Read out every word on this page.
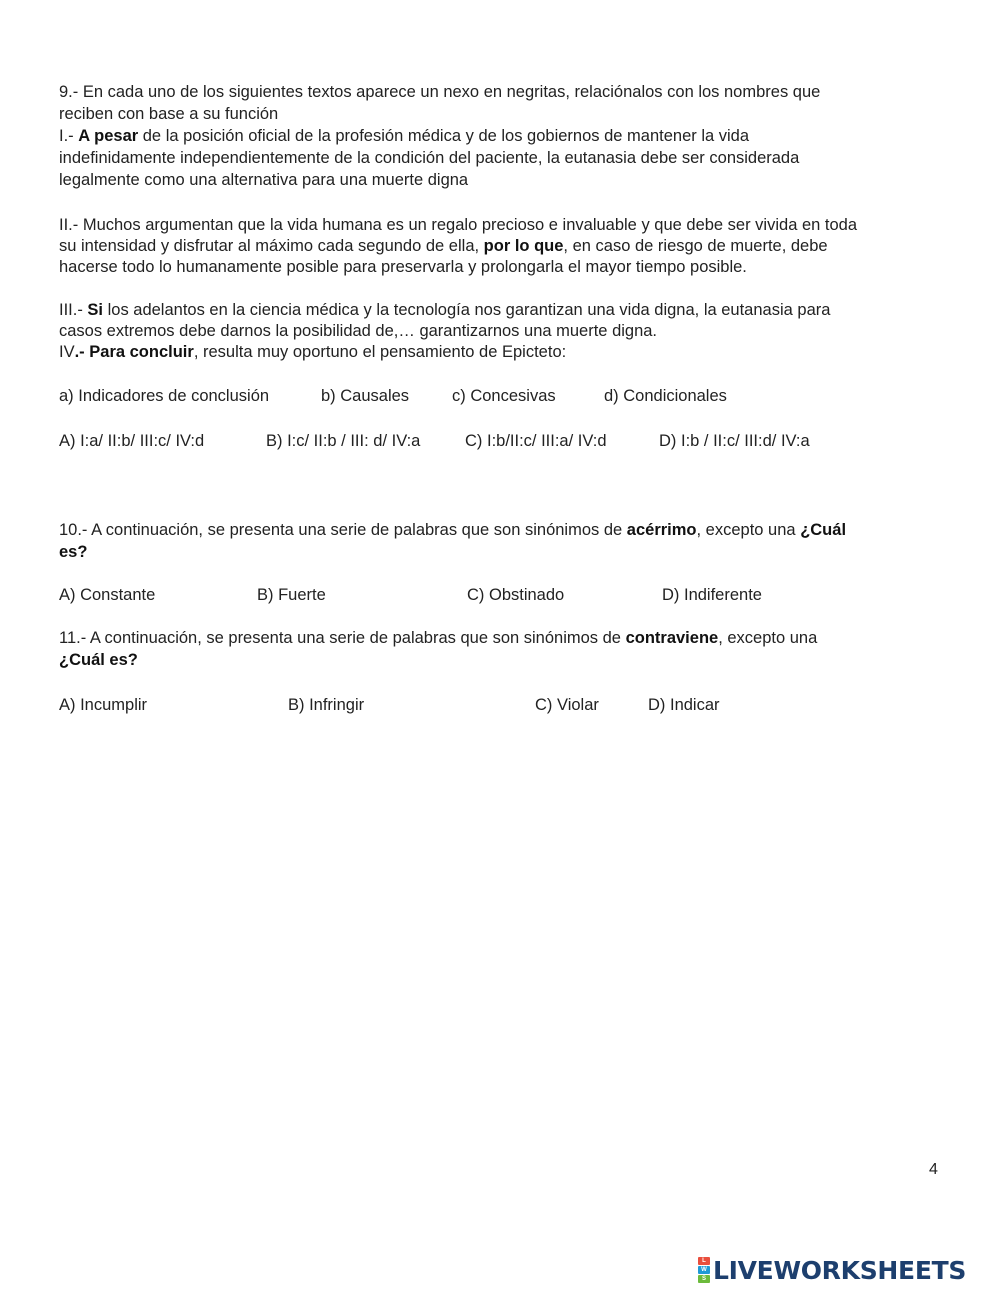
9.- En cada uno de los siguientes textos aparece un nexo en negritas, relaciónalos con los nombres que
reciben con base a su función
I.- A pesar de la posición oficial de la profesión médica y de los gobiernos de mantener la vida
indefinidamente independientemente de la condición del paciente, la eutanasia debe ser considerada
legalmente como una alternativa para una muerte digna
II.- Muchos argumentan que la vida humana es un regalo precioso e invaluable y que debe ser vivida en toda
su intensidad y disfrutar al máximo cada segundo de ella, por lo que, en caso de riesgo de muerte, debe
hacerse todo lo humanamente posible para preservarla y prolongarla el mayor tiempo posible.
III.- Si los adelantos en la ciencia médica y la tecnología nos garantizan una vida digna, la eutanasia para
casos extremos debe darnos la posibilidad de,… garantizarnos una muerte digna.
IV.- Para concluir, resulta muy oportuno el pensamiento de Epicteto:
a) Indicadores de conclusión	b) Causales	c) Concesivas	d) Condicionales
A) I:a/ II:b/ III:c/ IV:d	B) I:c/ II:b / III: d/ IV:a	C) I:b/II:c/ III:a/ IV:d	D) I:b / II:c/ III:d/ IV:a
10.- A continuación, se presenta una serie de palabras que son sinónimos de acérrimo, excepto una ¿Cuál
es?
A) Constante	B) Fuerte	C) Obstinado	D) Indiferente
11.- A continuación, se presenta una serie de palabras que son sinónimos de contraviene, excepto una
¿Cuál es?
A) Incumplir	B) Infringir	C) Violar	D) Indicar
4
L
W
S LIVEWORKSHEETS
